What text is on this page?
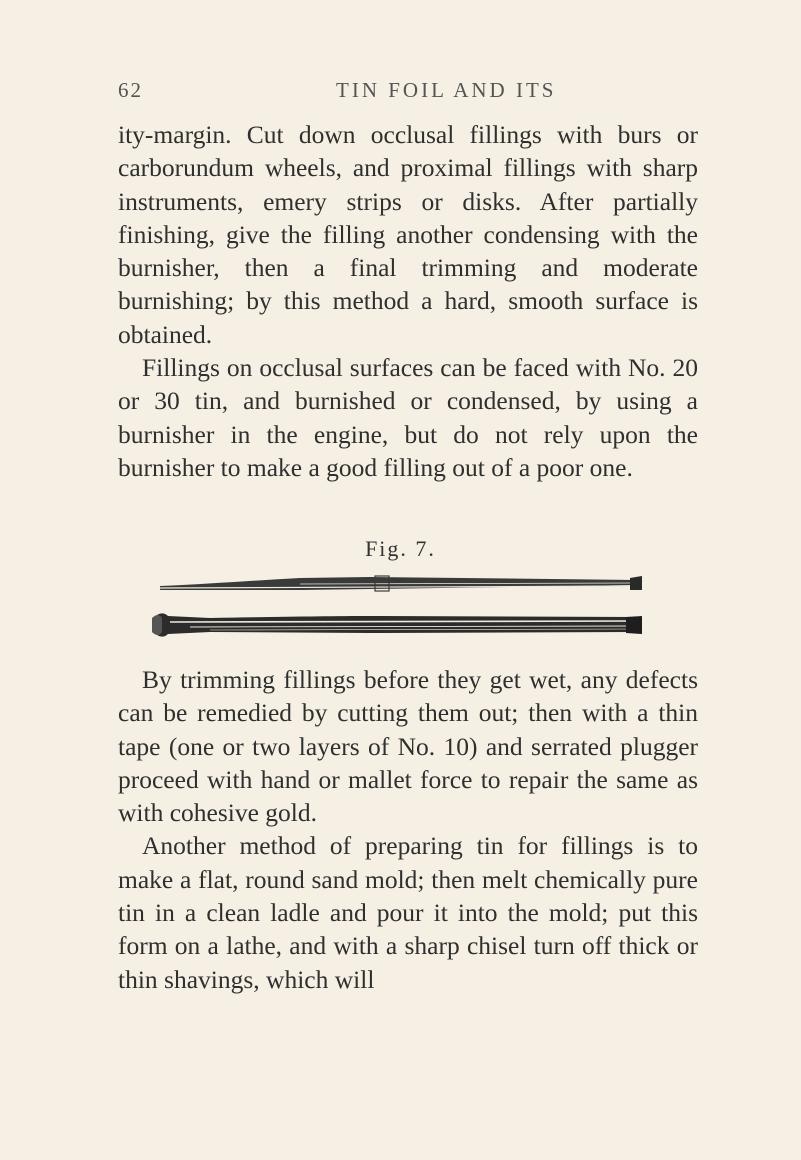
62	TIN FOIL AND ITS

ity-margin. Cut down occlusal fillings with burs or carborundum wheels, and proximal fillings with sharp instruments, emery strips or disks. After partially finishing, give the filling another condensing with the burnisher, then a final trimming and moderate burnishing; by this method a hard, smooth surface is obtained.

Fillings on occlusal surfaces can be faced with No. 20 or 30 tin, and burnished or condensed, by using a burnisher in the engine, but do not rely upon the burnisher to make a good filling out of a poor one.

Fig. 7.
SSW

By trimming fillings before they get wet, any defects can be remedied by cutting them out; then with a thin tape (one or two layers of No. 10) and serrated plugger proceed with hand or mallet force to repair the same as with cohesive gold.

Another method of preparing tin for fillings is to make a flat, round sand mold; then melt chemically pure tin in a clean ladle and pour it into the mold; put this form on a lathe, and with a sharp chisel turn off thick or thin shavings, which will
